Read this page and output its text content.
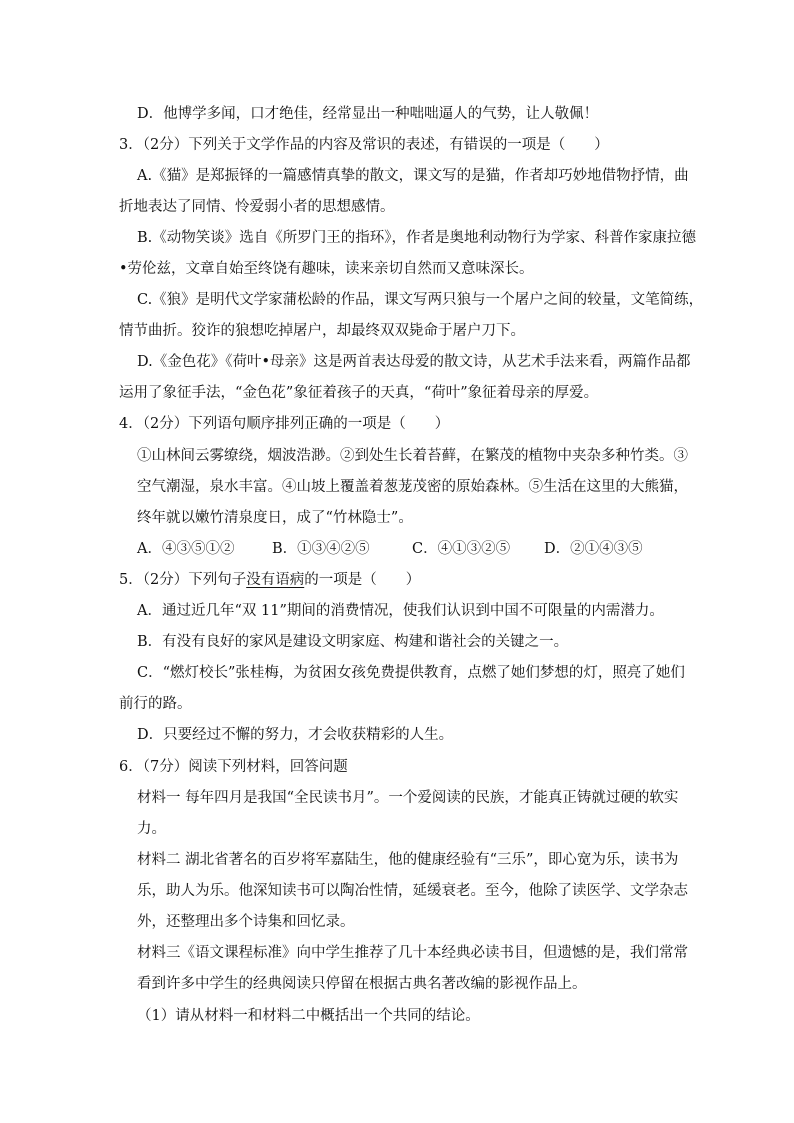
D．他博学多闻，口才绝佳，经常显出一种咄咄逼人的气势，让人敬佩！
3．（2分）下列关于文学作品的内容及常识的表述，有错误的一项是（　　）
A.《猫》是郑振铎的一篇感情真挚的散文，课文写的是猫，作者却巧妙地借物抒情，曲
折地表达了同情、怜爱弱小者的思想感情。
B.《动物笑谈》选自《所罗门王的指环》，作者是奥地利动物行为学家、科普作家康拉德
•劳伦兹，文章自始至终饶有趣味，读来亲切自然而又意味深长。
C.《狼》是明代文学家蒲松龄的作品，课文写两只狼与一个屠户之间的较量，文笔简练，
情节曲折。狡诈的狼想吃掉屠户，却最终双双毙命于屠户刀下。
D.《金色花》《荷叶•母亲》这是两首表达母爱的散文诗，从艺术手法来看，两篇作品都
运用了象征手法，“金色花”象征着孩子的天真，“荷叶”象征着母亲的厚爱。
4．（2分）下列语句顺序排列正确的一项是（　　）
①山林间云雾缭绕，烟波浩渺。②到处生长着苔藓，在繁茂的植物中夹杂多种竹类。③
空气潮湿，泉水丰富。④山坡上覆盖着葱茏茂密的原始森林。⑤生活在这里的大熊猫，
终年就以嫩竹清泉度日，成了“竹林隐士”。
A．④③⑤①②	B．①③④②⑤	C．④①③②⑤ D．②①④③⑤
5．（2分）下列句子没有语病的一项是（　　）
A．通过近几年“双 11”期间的消费情况，使我们认识到中国不可限量的内需潜力。
B．有没有良好的家风是建设文明家庭、构建和谐社会的关键之一。
C．“燃灯校长”张桂梅，为贫困女孩免费提供教育，点燃了她们梦想的灯，照亮了她们
前行的路。
D．只要经过不懈的努力，才会收获精彩的人生。
6．（7分）阅读下列材料，回答问题
材料一 每年四月是我国“全民读书月”。一个爱阅读的民族，才能真正铸就过硬的软实
力。
材料二 湖北省著名的百岁将军嘉陆生，他的健康经验有“三乐”，即心宽为乐，读书为
乐，助人为乐。他深知读书可以陶冶性情，延缓衰老。至今，他除了读医学、文学杂志
外，还整理出多个诗集和回忆录。
材料三《语文课程标准》向中学生推荐了几十本经典必读书目，但遗憾的是，我们常常
看到许多中学生的经典阅读只停留在根据古典名著改编的影视作品上。
（1）请从材料一和材料二中概括出一个共同的结论。
